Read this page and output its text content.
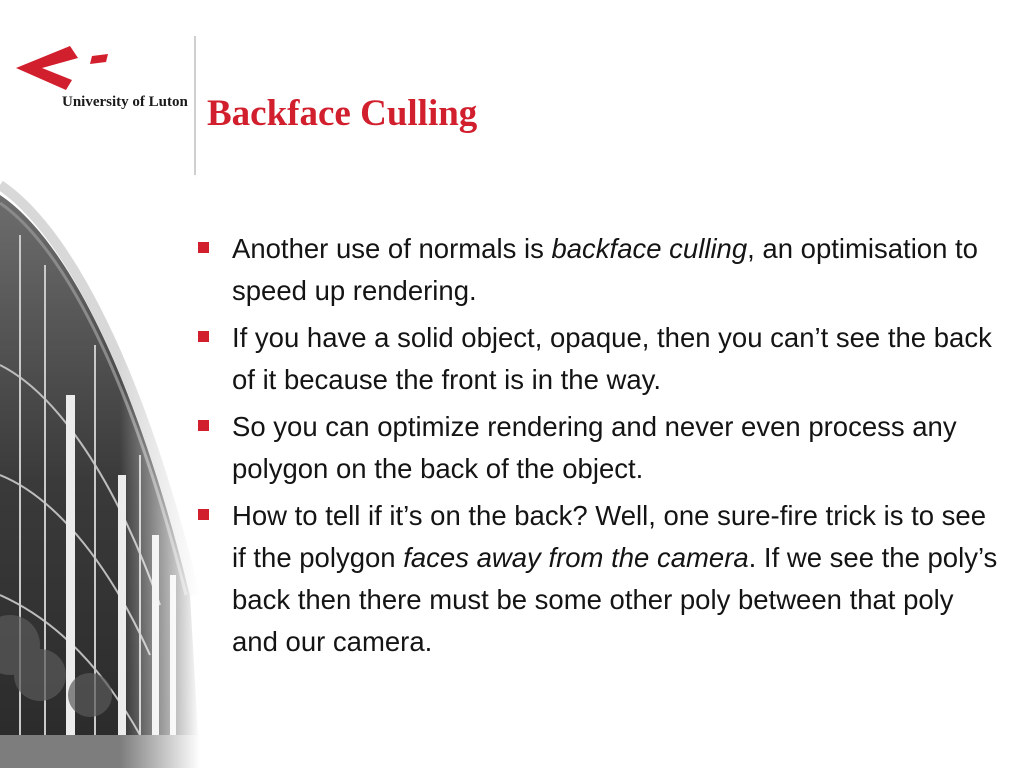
University of Luton Backface Culling
Another use of normals is backface culling, an optimisation to speed up rendering.
If you have a solid object, opaque, then you can’t see the back of it because the front is in the way.
So you can optimize rendering and never even process any polygon on the back of the object.
How to tell if it’s on the back? Well, one sure-fire trick is to see if the polygon faces away from the camera. If we see the poly’s back then there must be some other poly between that poly and our camera.
